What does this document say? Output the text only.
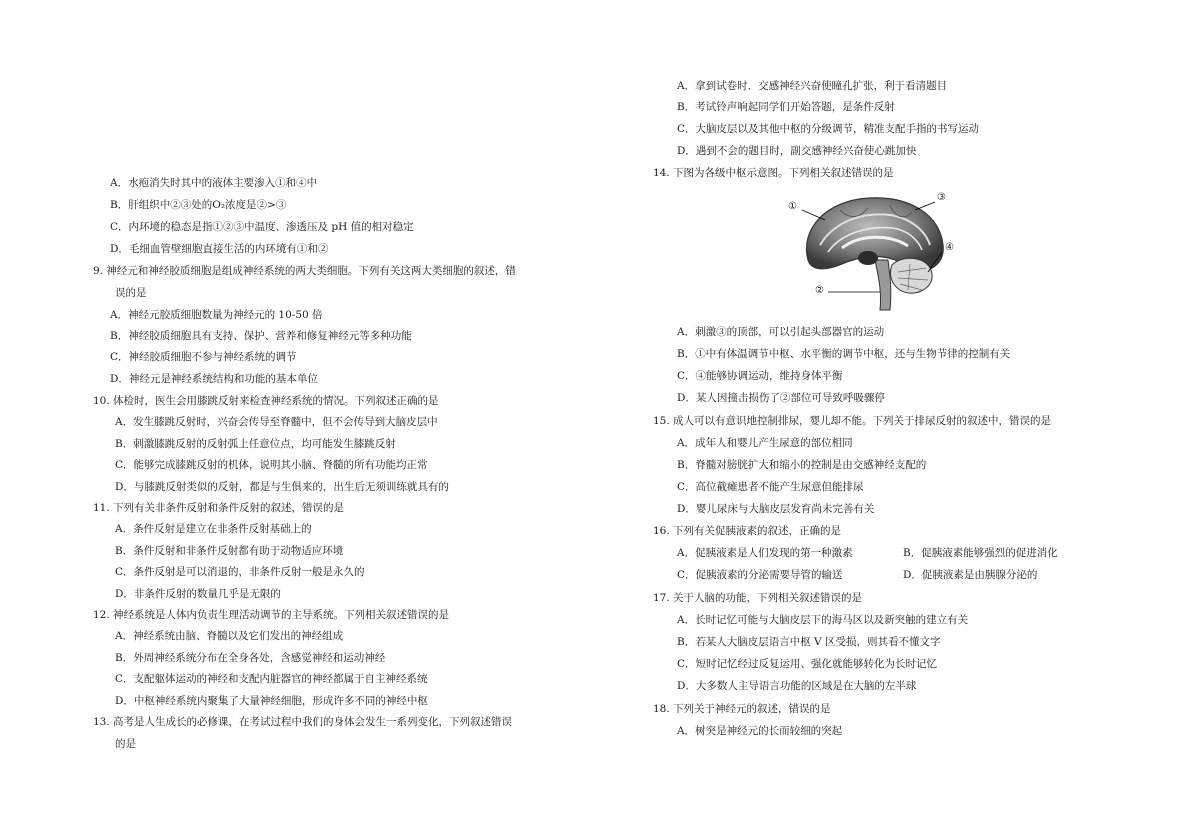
A．水疱消失时其中的液体主要渗入①和④中
B．肝组织中②③处的O₂浓度是②>③
C．内环境的稳态是指①②③中温度、渗透压及 pH 值的相对稳定
D．毛细血管壁细胞直接生活的内环境有①和②
9. 神经元和神经胶质细胞是组成神经系统的两大类细胞。下列有关这两大类细胞的叙述，错
误的是
A．神经元胶质细胞数量为神经元的 10-50 倍
B．神经胶质细胞具有支持、保护、营养和修复神经元等多种功能
C．神经胶质细胞不参与神经系统的调节
D．神经元是神经系统结构和功能的基本单位
10. 体检时，医生会用膝跳反射来检查神经系统的情况。下列叙述正确的是
A．发生膝跳反射时，兴奋会传导至脊髓中，但不会传导到大脑皮层中
B．刺激膝跳反射的反射弧上任意位点，均可能发生膝跳反射
C．能够完成膝跳反射的机体，说明其小脑、脊髓的所有功能均正常
D．与膝跳反射类似的反射，都是与生俱来的，出生后无须训练就具有的
11. 下列有关非条件反射和条件反射的叙述，错误的是
A．条件反射是建立在非条件反射基础上的
B．条件反射和非条件反射都有助于动物适应环境
C．条件反射是可以消退的，非条件反射一般是永久的
D．非条件反射的数量几乎是无限的
12. 神经系统是人体内负责生理活动调节的主导系统。下列相关叙述错误的是
A．神经系统由脑、脊髓以及它们发出的神经组成
B．外周神经系统分布在全身各处，含感觉神经和运动神经
C．支配躯体运动的神经和支配内脏器官的神经都属于自主神经系统
D．中枢神经系统内聚集了大量神经细胞，形成许多不同的神经中枢
13. 高考是人生成长的必修课，在考试过程中我们的身体会发生一系列变化，下列叙述错误
的是
A．拿到试卷时．交感神经兴奋使瞳孔扩张，利于看清题目
B．考试铃声响起同学们开始答题，是条件反射
C．大脑皮层以及其他中枢的分级调节，精准支配手指的书写运动
D．遇到不会的题目时，副交感神经兴奋使心跳加快
14. 下图为各级中枢示意图。下列相关叙述错误的是
①
②
③
④
A．刺激③的顶部，可以引起头部器官的运动
B．①中有体温调节中枢、水平衡的调节中枢，还与生物节律的控制有关
C．④能够协调运动，维持身体平衡
D．某人因撞击损伤了②部位可导致呼吸骤停
15. 成人可以有意识地控制排尿，婴儿却不能。下列关于排尿反射的叙述中，错误的是
A．成年人和婴儿产生尿意的部位相同
B．脊髓对膀胱扩大和缩小的控制是由交感神经支配的
C．高位截瘫患者不能产生尿意但能排尿
D．婴儿尿床与大脑皮层发育尚未完善有关
16. 下列有关促胰液素的叙述，正确的是
A．促胰液素是人们发现的第一种激素	B．促胰液素能够强烈的促进消化
C．促胰液素的分泌需要导管的输送	D．促胰液素是由胰腺分泌的
17. 关于人脑的功能，下列相关叙述错误的是
A．长时记忆可能与大脑皮层下的海马区以及新突触的建立有关
B．若某人大脑皮层语言中枢 V 区受损，则其看不懂文字
C．短时记忆经过反复运用、强化就能够转化为长时记忆
D．大多数人主导语言功能的区域是在大脑的左半球
18. 下列关于神经元的叙述，错误的是
A．树突是神经元的长而较细的突起
